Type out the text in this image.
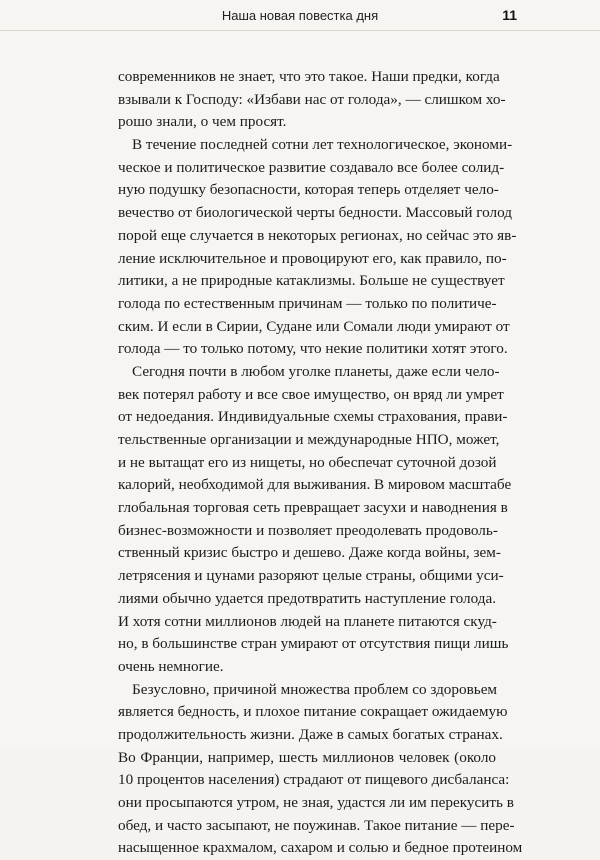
Наша новая повестка дня	11
современников не знает, что это такое. Наши предки, когда
взывали к Господу: «Избави нас от голода», — слишком хо-
рошо знали, о чем просят.
В течение последней сотни лет технологическое, экономи-
ческое и политическое развитие создавало все более солид-
ную подушку безопасности, которая теперь отделяет чело-
вечество от биологической черты бедности. Массовый голод
порой еще случается в некоторых регионах, но сейчас это яв-
ление исключительное и провоцируют его, как правило, по-
литики, а не природные катаклизмы. Больше не существует
голода по естественным причинам — только по политиче-
ским. И если в Сирии, Судане или Сомали люди умирают от
голода — то только потому, что некие политики хотят этого.
Сегодня почти в любом уголке планеты, даже если чело-
век потерял работу и все свое имущество, он вряд ли умрет
от недоедания. Индивидуальные схемы страхования, прави-
тельственные организации и международные НПО, может,
и не вытащат его из нищеты, но обеспечат суточной дозой
калорий, необходимой для выживания. В мировом масштабе
глобальная торговая сеть превращает засухи и наводнения в
бизнес-возможности и позволяет преодолевать продоволь-
ственный кризис быстро и дешево. Даже когда войны, зем-
летрясения и цунами разоряют целые страны, общими уси-
лиями обычно удается предотвратить наступление голода.
И хотя сотни миллионов людей на планете питаются скуд-
но, в большинстве стран умирают от отсутствия пищи лишь
очень немногие.
Безусловно, причиной множества проблем со здоровьем
является бедность, и плохое питание сокращает ожидаемую
продолжительность жизни. Даже в самых богатых странах.
Во Франции, например, шесть миллионов человек (около
10 процентов населения) страдают от пищевого дисбаланса:
они просыпаются утром, не зная, удастся ли им перекусить в
обед, и часто засыпают, не поужинав. Такое питание — пере-
насыщенное крахмалом, сахаром и солью и бедное протеином
